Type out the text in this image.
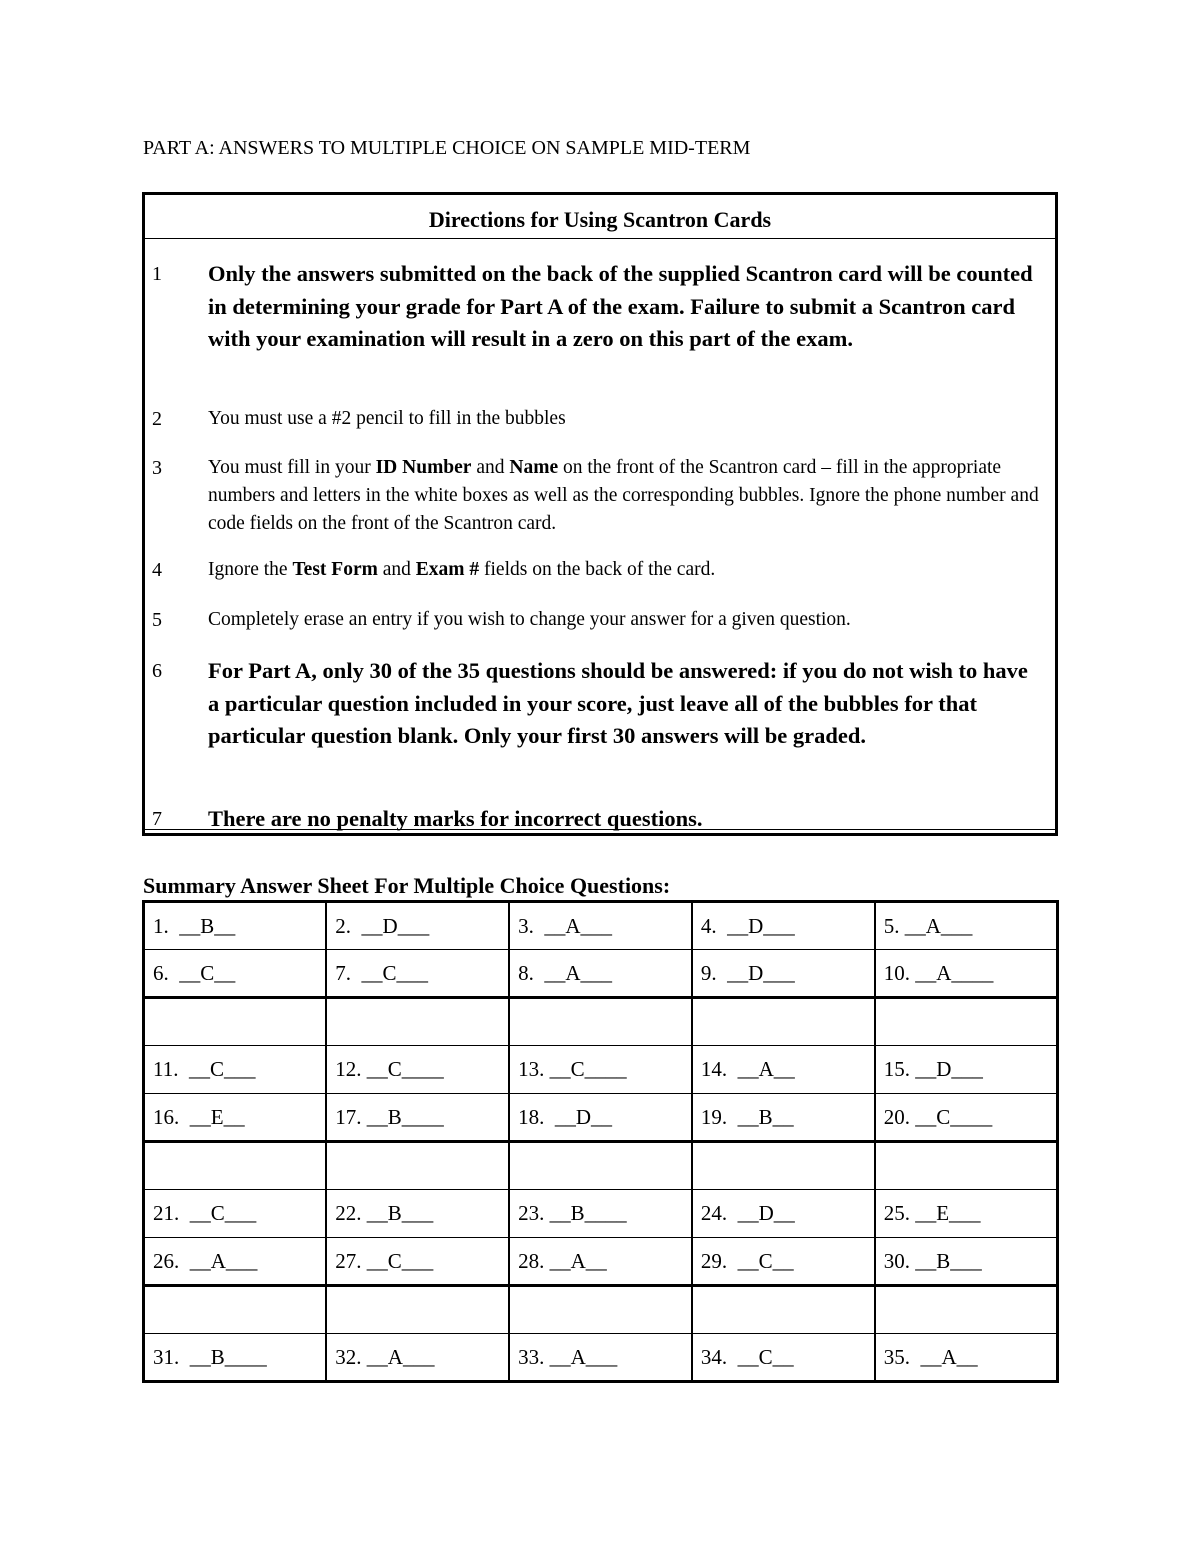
PART A: ANSWERS TO MULTIPLE CHOICE ON SAMPLE MID-TERM
Directions for Using Scantron Cards
1 Only the answers submitted on the back of the supplied Scantron card will be counted in determining your grade for Part A of the exam. Failure to submit a Scantron card with your examination will result in a zero on this part of the exam.
2 You must use a #2 pencil to fill in the bubbles
3 You must fill in your ID Number and Name on the front of the Scantron card – fill in the appropriate numbers and letters in the white boxes as well as the corresponding bubbles. Ignore the phone number and code fields on the front of the Scantron card.
4 Ignore the Test Form and Exam # fields on the back of the card.
5 Completely erase an entry if you wish to change your answer for a given question.
6 For Part A, only 30 of the 35 questions should be answered: if you do not wish to have a particular question included in your score, just leave all of the bubbles for that particular question blank. Only your first 30 answers will be graded.
7 There are no penalty marks for incorrect questions.
Summary Answer Sheet For Multiple Choice Questions:
1.  __B__	2.  __D___	3.  __A___	4.  __D___	5. __A___
6.  __C__	7.  __C___	8.  __A___	9.  __D___	10. __A____

11.  __C___	12. __C____	13. __C____	14.  __A__	15. __D___
16.  __E__	17. __B____	18.  __D__	19.  __B__	20. __C____

21.  __C___	22. __B___	23. __B____	24.  __D__	25. __E___
26.  __A___	27. __C___	28. __A__	29.  __C__	30. __B___

31.  __B____	32. __A___	33. __A___	34.  __C__	35.  __A__
